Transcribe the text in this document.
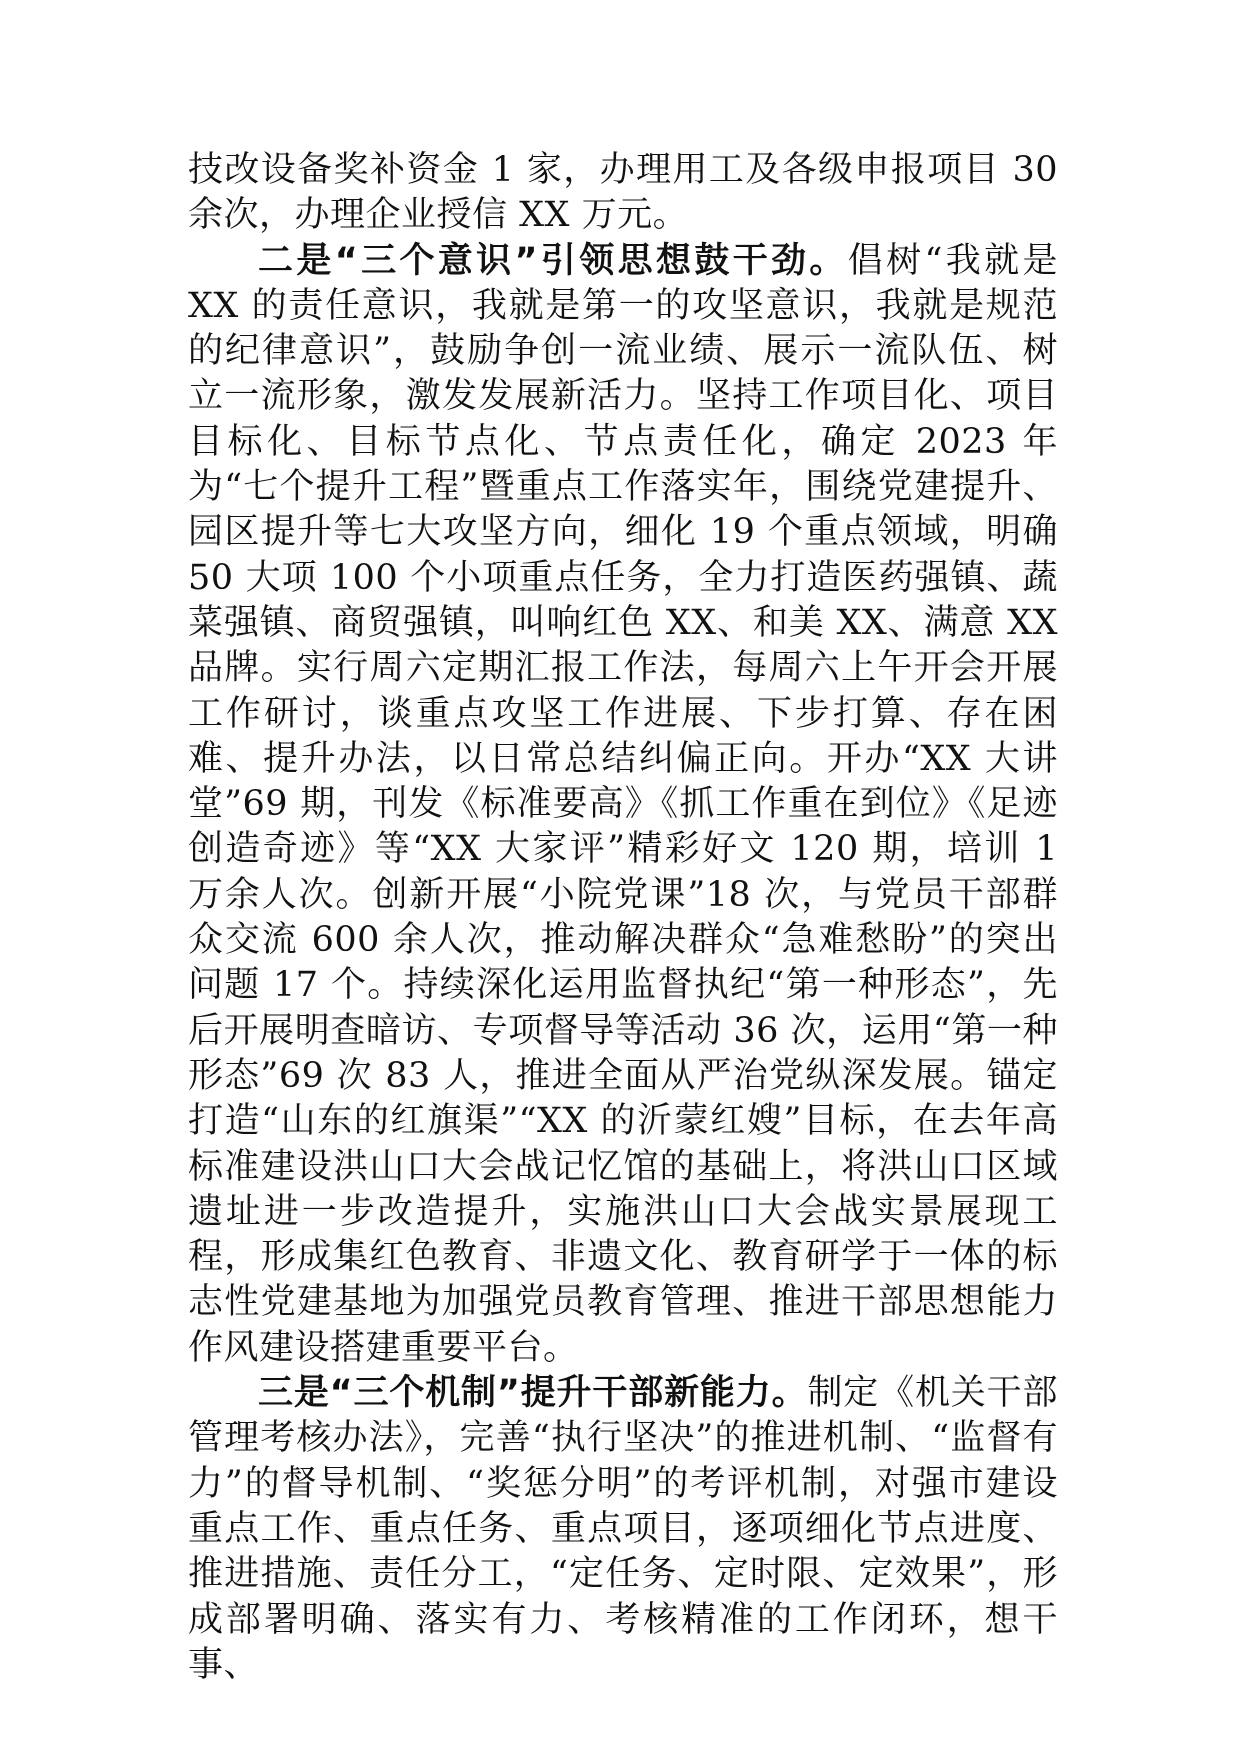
技改设备奖补资金 1 家，办理用工及各级申报项目 30 余次，办理企业授信 XX 万元。

二是“三个意识”引领思想鼓干劲。倡树“我就是 XX 的责任意识，我就是第一的攻坚意识，我就是规范的纪律意识”，鼓励争创一流业绩、展示一流队伍、树立一流形象，激发发展新活力。坚持工作项目化、项目目标化、目标节点化、节点责任化，确定 2023 年为“七个提升工程”暨重点工作落实年，围绕党建提升、园区提升等七大攻坚方向，细化 19 个重点领域，明确 50 大项 100 个小项重点任务，全力打造医药强镇、蔬菜强镇、商贸强镇，叫响红色 XX、和美 XX、满意 XX 品牌。实行周六定期汇报工作法，每周六上午开会开展工作研讨，谈重点攻坚工作进展、下步打算、存在困难、提升办法，以日常总结纠偏正向。开办“XX 大讲堂”69 期，刊发《标准要高》《抓工作重在到位》《足迹创造奇迹》等“XX 大家评”精彩好文 120 期，培训 1 万余人次。创新开展“小院党课”18 次，与党员干部群众交流 600 余人次，推动解决群众“急难愁盼”的突出问题 17 个。持续深化运用监督执纪“第一种形态”，先后开展明查暗访、专项督导等活动 36 次，运用“第一种形态”69 次 83 人，推进全面从严治党纵深发展。锚定打造“山东的红旗渠”“XX 的沂蒙红嫂”目标，在去年高标准建设洪山口大会战记忆馆的基础上，将洪山口区域遗址进一步改造提升，实施洪山口大会战实景展现工程，形成集红色教育、非遗文化、教育研学于一体的标志性党建基地为加强党员教育管理、推进干部思想能力作风建设搭建重要平台。

三是“三个机制”提升干部新能力。制定《机关干部管理考核办法》，完善“执行坚决”的推进机制、“监督有力”的督导机制、“奖惩分明”的考评机制，对强市建设重点工作、重点任务、重点项目，逐项细化节点进度、推进措施、责任分工，“定任务、定时限、定效果”，形成部署明确、落实有力、考核精准的工作闭环，想干事、
